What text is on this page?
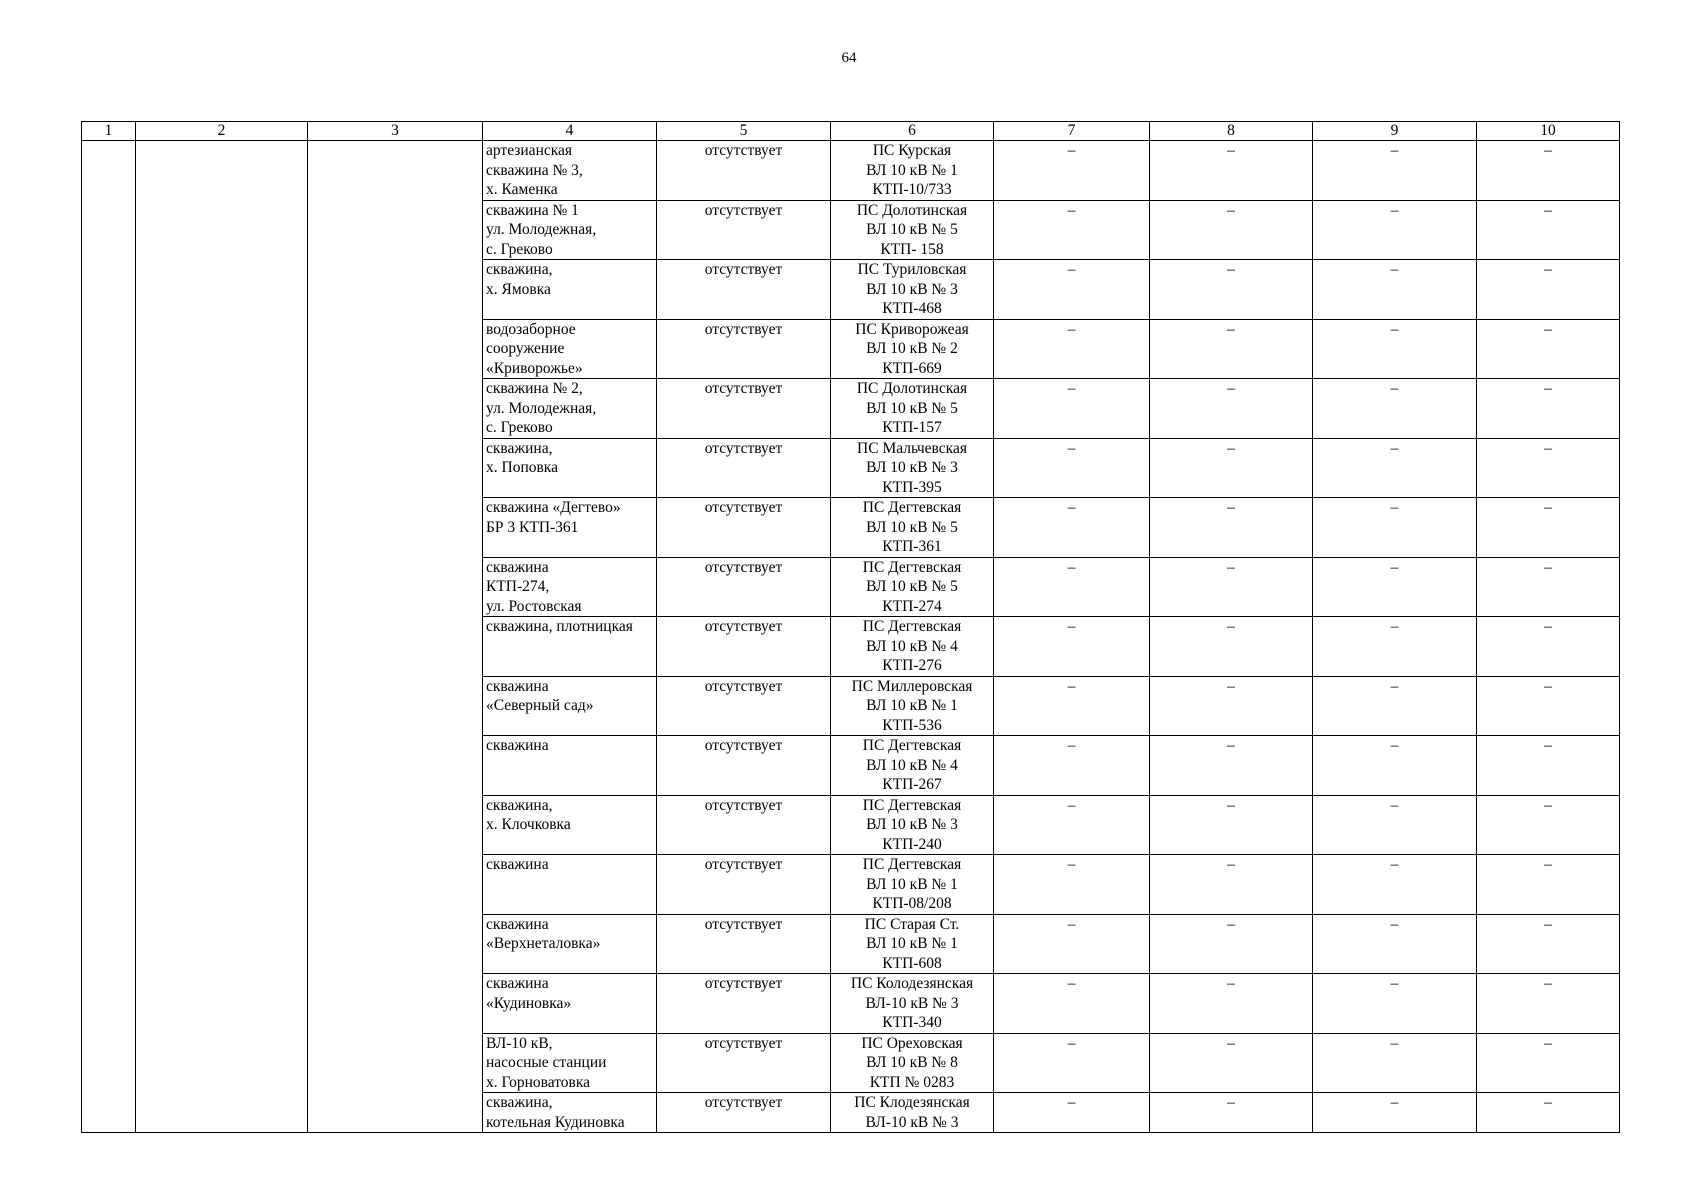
64
1	2	3	4	5	6	7	8	9	10
			артезианская
скважина № 3,
х. Каменка	отсутствует	ПС Курская
ВЛ 10 кВ № 1
КТП-10/733	–	–	–	–
			скважина № 1
ул. Молодежная,
с. Греково	отсутствует	ПС Долотинская
ВЛ 10 кВ № 5
КТП- 158	–	–	–	–
			скважина,
х. Ямовка	отсутствует	ПС Туриловская
ВЛ 10 кВ № 3
КТП-468	–	–	–	–
			водозаборное
сооружение
«Криворожье»	отсутствует	ПС Криворожеая
ВЛ 10 кВ № 2
КТП-669	–	–	–	–
			скважина № 2,
ул. Молодежная,
с. Греково	отсутствует	ПС Долотинская
ВЛ 10 кВ № 5
КТП-157	–	–	–	–
			скважина,
х. Поповка	отсутствует	ПС Мальчевская
ВЛ 10 кВ № 3
КТП-395	–	–	–	–
			скважина «Дегтево»
БР 3 КТП-361	отсутствует	ПС Дегтевская
ВЛ 10 кВ № 5
КТП-361	–	–	–	–
			скважина
КТП-274,
ул. Ростовская	отсутствует	ПС Дегтевская
ВЛ 10 кВ № 5
КТП-274	–	–	–	–
			скважина, плотницкая	отсутствует	ПС Дегтевская
ВЛ 10 кВ № 4
КТП-276	–	–	–	–
			скважина
«Северный сад»	отсутствует	ПС Миллеровская
ВЛ 10 кВ № 1
КТП-536	–	–	–	–
			скважина	отсутствует	ПС Дегтевская
ВЛ 10 кВ № 4
КТП-267	–	–	–	–
			скважина,
х. Клочковка	отсутствует	ПС Дегтевская
ВЛ 10 кВ № 3
КТП-240	–	–	–	–
			скважина	отсутствует	ПС Дегтевская
ВЛ 10 кВ № 1
КТП-08/208	–	–	–	–
			скважина
«Верхнеталовка»	отсутствует	ПС Старая Ст.
ВЛ 10 кВ № 1
КТП-608	–	–	–	–
			скважина
«Кудиновка»	отсутствует	ПС Колодезянская
ВЛ-10 кВ № 3
КТП-340	–	–	–	–
			ВЛ-10 кВ,
насосные станции
х. Горноватовка	отсутствует	ПС Ореховская
ВЛ 10 кВ № 8
КТП № 0283	–	–	–	–
			скважина,
котельная Кудиновка	отсутствует	ПС Клодезянская
ВЛ-10 кВ № 3	–	–	–	–
